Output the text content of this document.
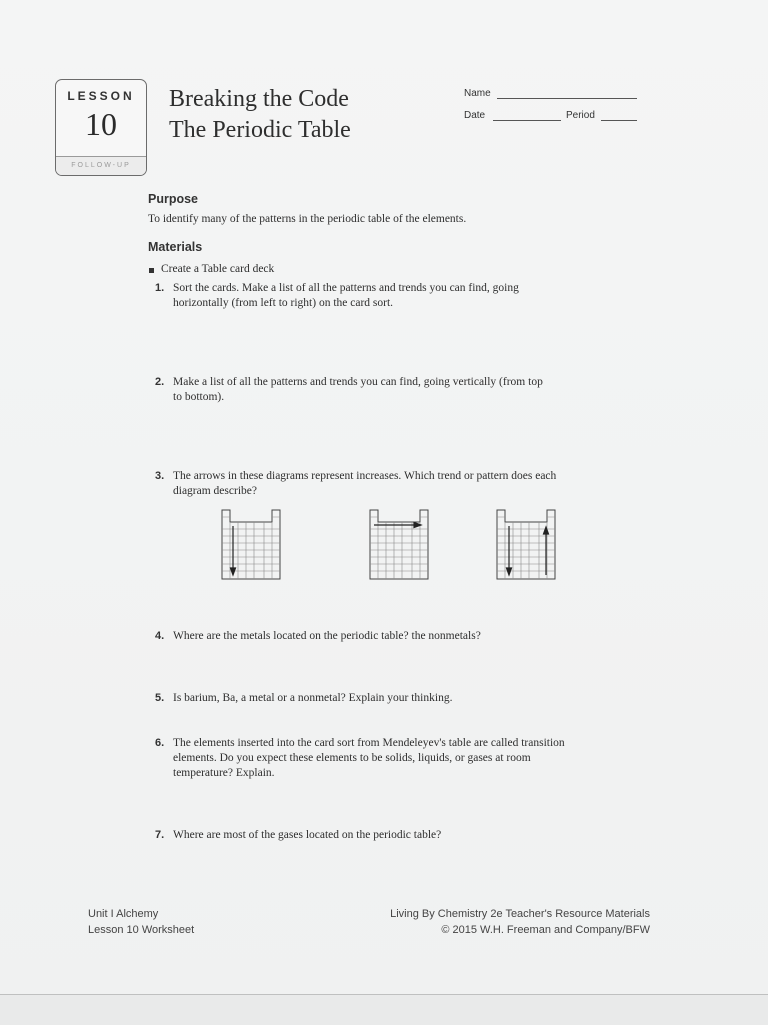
LESSON
10
FOLLOW-UP
Breaking the Code
The Periodic Table
Name
Date	Period
Purpose
To identify many of the patterns in the periodic table of the elements.
Materials
Create a Table card deck
1. Sort the cards. Make a list of all the patterns and trends you can find, going
horizontally (from left to right) on the card sort.
2. Make a list of all the patterns and trends you can find, going vertically (from top
to bottom).
3. The arrows in these diagrams represent increases. Which trend or pattern does each
diagram describe?
4. Where are the metals located on the periodic table? the nonmetals?
5. Is barium, Ba, a metal or a nonmetal? Explain your thinking.
6. The elements inserted into the card sort from Mendeleyev's table are called transition
elements. Do you expect these elements to be solids, liquids, or gases at room
temperature? Explain.
7. Where are most of the gases located on the periodic table?
Unit I Alchemy
Lesson 10 Worksheet
Living By Chemistry 2e Teacher's Resource Materials
© 2015 W.H. Freeman and Company/BFW
